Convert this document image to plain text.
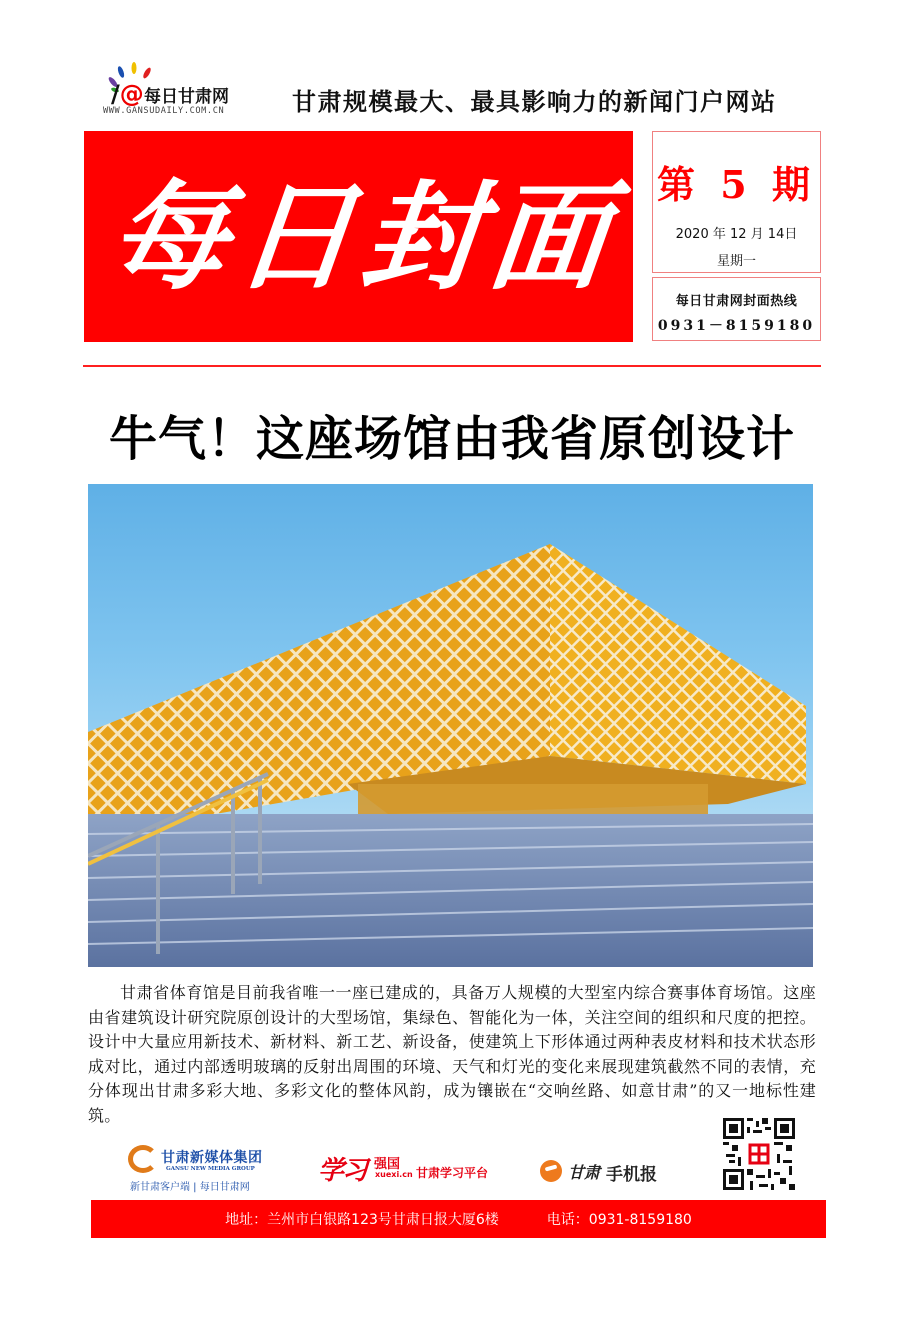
/@ 每日甘肃网
WWW.GANSUDAILY.COM.CN	甘肃规模最大、最具影响力的新闻门户网站
每
日
封
面 第 5 期
2020 年 12 月 14日
星期一
每日甘肃网封面热线
0931－8159180
牛气！这座场馆由我省原创设计

甘肃省体育馆是目前我省唯一一座已建成的，具备万人规模的大型室内综合赛事体育场馆。这座由省建筑设计研究院原创设计的大型场馆，集绿色、智能化为一体，关注空间的组织和尺度的把控。设计中大量应用新技术、新材料、新工艺、新设备，使建筑上下形体通过两种表皮材料和技术状态形成对比，通过内部透明玻璃的反射出周围的环境、天气和灯光的变化来展现建筑截然不同的表情，充分体现出甘肃多彩大地、多彩文化的整体风韵，成为镶嵌在“交响丝路、如意甘肃”的又一地标性建筑。

甘肃新媒体集团
GANSU NEW MEDIA GROUP
新甘肃客户端 | 每日甘肃网
学习 强国
xuexi.cn 甘肃学习平台	甘肃 手机报
地址：兰州市白银路123号甘肃日报大厦6楼	电话：0931-8159180
